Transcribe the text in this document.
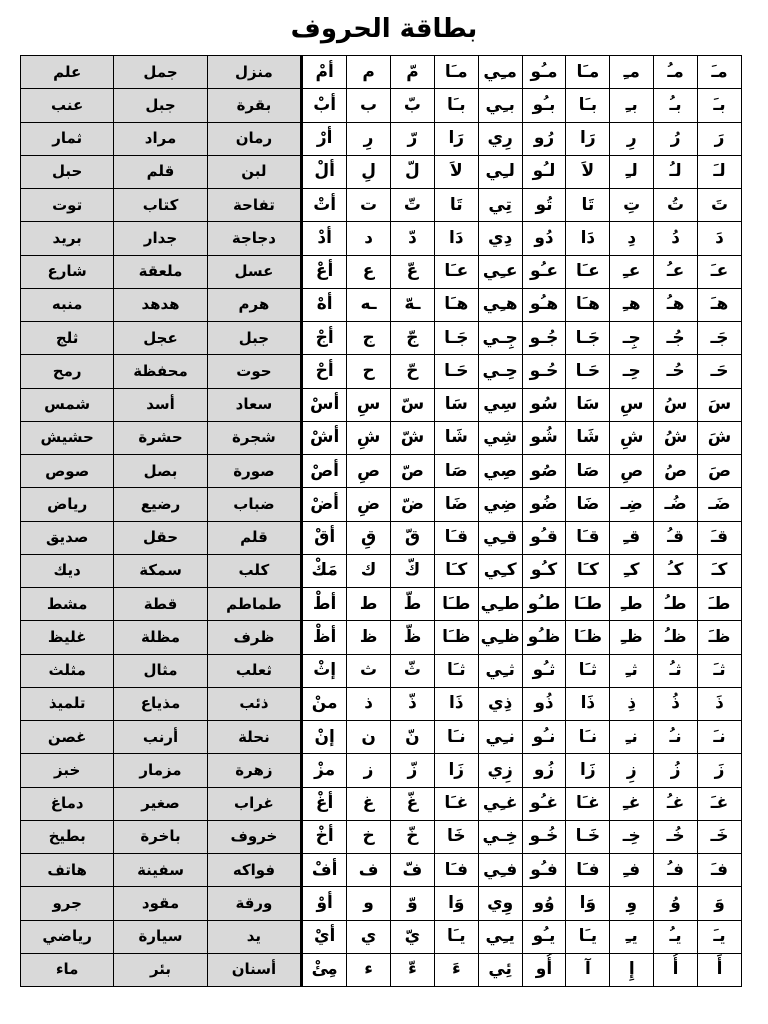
بطاقة الحروف
علم	جمل	منزل	أمْ	م	مّ	مـَا	مـِي	مـُو	مـَا	مـِ	مـُ	مـَ
عنب	جبل	بقرة	أبْ	ب	بّ	بـَا	بـِي	بـُو	بـَا	بـِ	بـُ	بـَ
ثمار	مراد	رمان	أرْ	رِ	رّ	رَا	رِي	رُو	رَا	رِ	رُ	رَ
حبل	قلم	لبن	ألْ	لِ	لّ	لاَ	لـِي	لـُو	لاَ	لـِ	لـُ	لـَ
توت	كتاب	تفاحة	أتْ	ت	تّ	تَا	تِي	تُو	تَا	تِ	تُ	تَ
بريد	جدار	دجاجة	أدْ	د	دّ	دَا	دِي	دُو	دَا	دِ	دُ	دَ
شارع	ملعقة	عسل	أعْ	ع	عّ	عـَا	عـِي	عـُو	عـَا	عـِ	عـُ	عـَ
منبه	هدهد	هرم	أهْ	ـه	ـهّ	هـَا	هـِي	هـُو	هـَا	هـِ	هـُ	هـَ
ثلج	عجل	جبل	أجْ	ج	جّ	جَـا	جِـي	جُـو	جَـا	جِـ	جُـ	جَـ
رمح	محفظة	حوت	أحْ	ح	حّ	حَـا	حِـي	حُـو	حَـا	حِـ	حُـ	حَـ
شمس	أسد	سعاد	أسْ	سِ	سّ	سَا	سِي	سُو	سَا	سِ	سُ	سَ
حشيش	حشرة	شجرة	أشْ	شِ	شّ	شَا	شِي	شُو	شَا	شِ	شُ	شَ
صوص	بصل	صورة	أصْ	صِ	صّ	صَا	صِي	صُو	صَا	صِ	صُ	صَ
رياض	رضيع	ضباب	أضْ	ضِ	ضّ	ضَا	ضِي	ضُو	ضَا	ضِـ	ضُـ	ضَـ
صديق	حقل	قلم	أقْ	قِ	قّ	قـَا	قـِي	قـُو	قـَا	قـِ	قـُ	قـَ
ديك	سمكة	كلب	مَكْ	ك	كّ	كـَا	كـِي	كـُو	كـَا	كـِ	كـُ	كـَ
مشط	قطة	طماطم	أطْ	ط	طّ	طـَا	طـِي	طـُو	طـَا	طـِ	طـُ	طـَ
غليظ	مظلة	ظرف	أظْ	ظ	ظّ	ظـَا	ظـِي	ظـُو	ظـَا	ظـِ	ظـُ	ظـَ
مثلث	مثال	ثعلب	إثْ	ث	ثّ	ثـَا	ثـِي	ثـُو	ثـَا	ثـِ	ثـُ	ثـَ
تلميذ	مذياع	ذئب	منْ	ذ	ذّ	ذَا	ذِي	ذُو	ذَا	ذِ	ذُ	ذَ
غصن	أرنب	نحلة	إنْ	ن	نّ	نـَا	نـِي	نـُو	نـَا	نـِ	نـُ	نـَ
خبز	مزمار	زهرة	مزْ	ز	زّ	زَا	زِي	زُو	زَا	زِ	زُ	زَ
دماغ	صغير	غراب	أغْ	غ	غّ	غـَا	غـِي	غـُو	غـَا	غـِ	غـُ	غـَ
بطيخ	باخرة	خروف	أخْ	خ	خّ	خَا	خِـي	خُـو	خَـا	خِـ	خُـ	خَـ
هاتف	سفينة	فواكه	أفْ	ف	فّ	فـَا	فـِي	فـُو	فـَا	فـِ	فـُ	فـَ
جرو	مقود	ورقة	أوْ	و	وّ	وَا	وِي	وُو	وَا	وِ	وُ	وَ
رياضي	سيارة	يد	أيْ	ي	يّ	يـَا	يـِي	يـُو	يـَا	يـِ	يـُ	يـَ
ماء	بئر	أسنان	مِئْ	ء	ءّ	ءَ	ئِي	أُو	آ	إِ	أُ	أَ
